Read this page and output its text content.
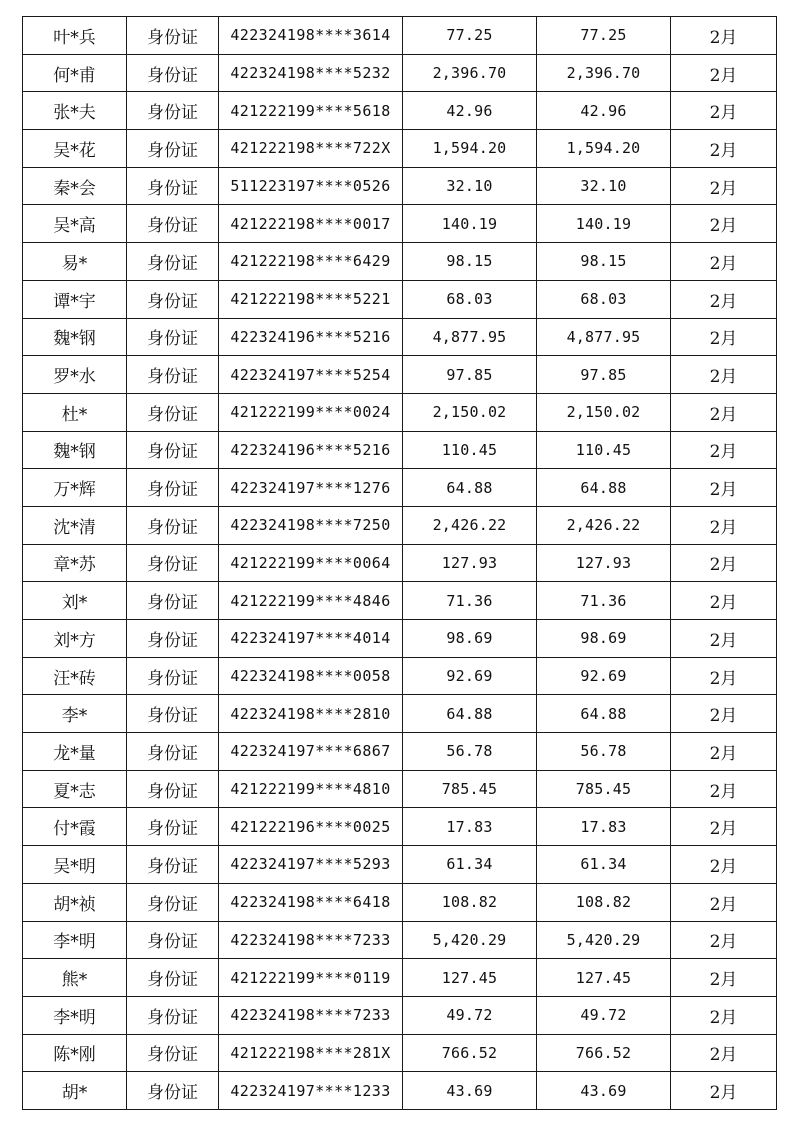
叶*兵	身份证	422324198****3614	77.25	77.25	2月
何*甫	身份证	422324198****5232	2,396.70	2,396.70	2月
张*夫	身份证	421222199****5618	42.96	42.96	2月
吴*花	身份证	421222198****722X	1,594.20	1,594.20	2月
秦*会	身份证	511223197****0526	32.10	32.10	2月
吴*高	身份证	421222198****0017	140.19	140.19	2月
易*	身份证	421222198****6429	98.15	98.15	2月
谭*宇	身份证	421222198****5221	68.03	68.03	2月
魏*钢	身份证	422324196****5216	4,877.95	4,877.95	2月
罗*水	身份证	422324197****5254	97.85	97.85	2月
杜*	身份证	421222199****0024	2,150.02	2,150.02	2月
魏*钢	身份证	422324196****5216	110.45	110.45	2月
万*辉	身份证	422324197****1276	64.88	64.88	2月
沈*清	身份证	422324198****7250	2,426.22	2,426.22	2月
章*苏	身份证	421222199****0064	127.93	127.93	2月
刘*	身份证	421222199****4846	71.36	71.36	2月
刘*方	身份证	422324197****4014	98.69	98.69	2月
汪*砖	身份证	422324198****0058	92.69	92.69	2月
李*	身份证	422324198****2810	64.88	64.88	2月
龙*量	身份证	422324197****6867	56.78	56.78	2月
夏*志	身份证	421222199****4810	785.45	785.45	2月
付*霞	身份证	421222196****0025	17.83	17.83	2月
吴*明	身份证	422324197****5293	61.34	61.34	2月
胡*祯	身份证	422324198****6418	108.82	108.82	2月
李*明	身份证	422324198****7233	5,420.29	5,420.29	2月
熊*	身份证	421222199****0119	127.45	127.45	2月
李*明	身份证	422324198****7233	49.72	49.72	2月
陈*刚	身份证	421222198****281X	766.52	766.52	2月
胡*	身份证	422324197****1233	43.69	43.69	2月
